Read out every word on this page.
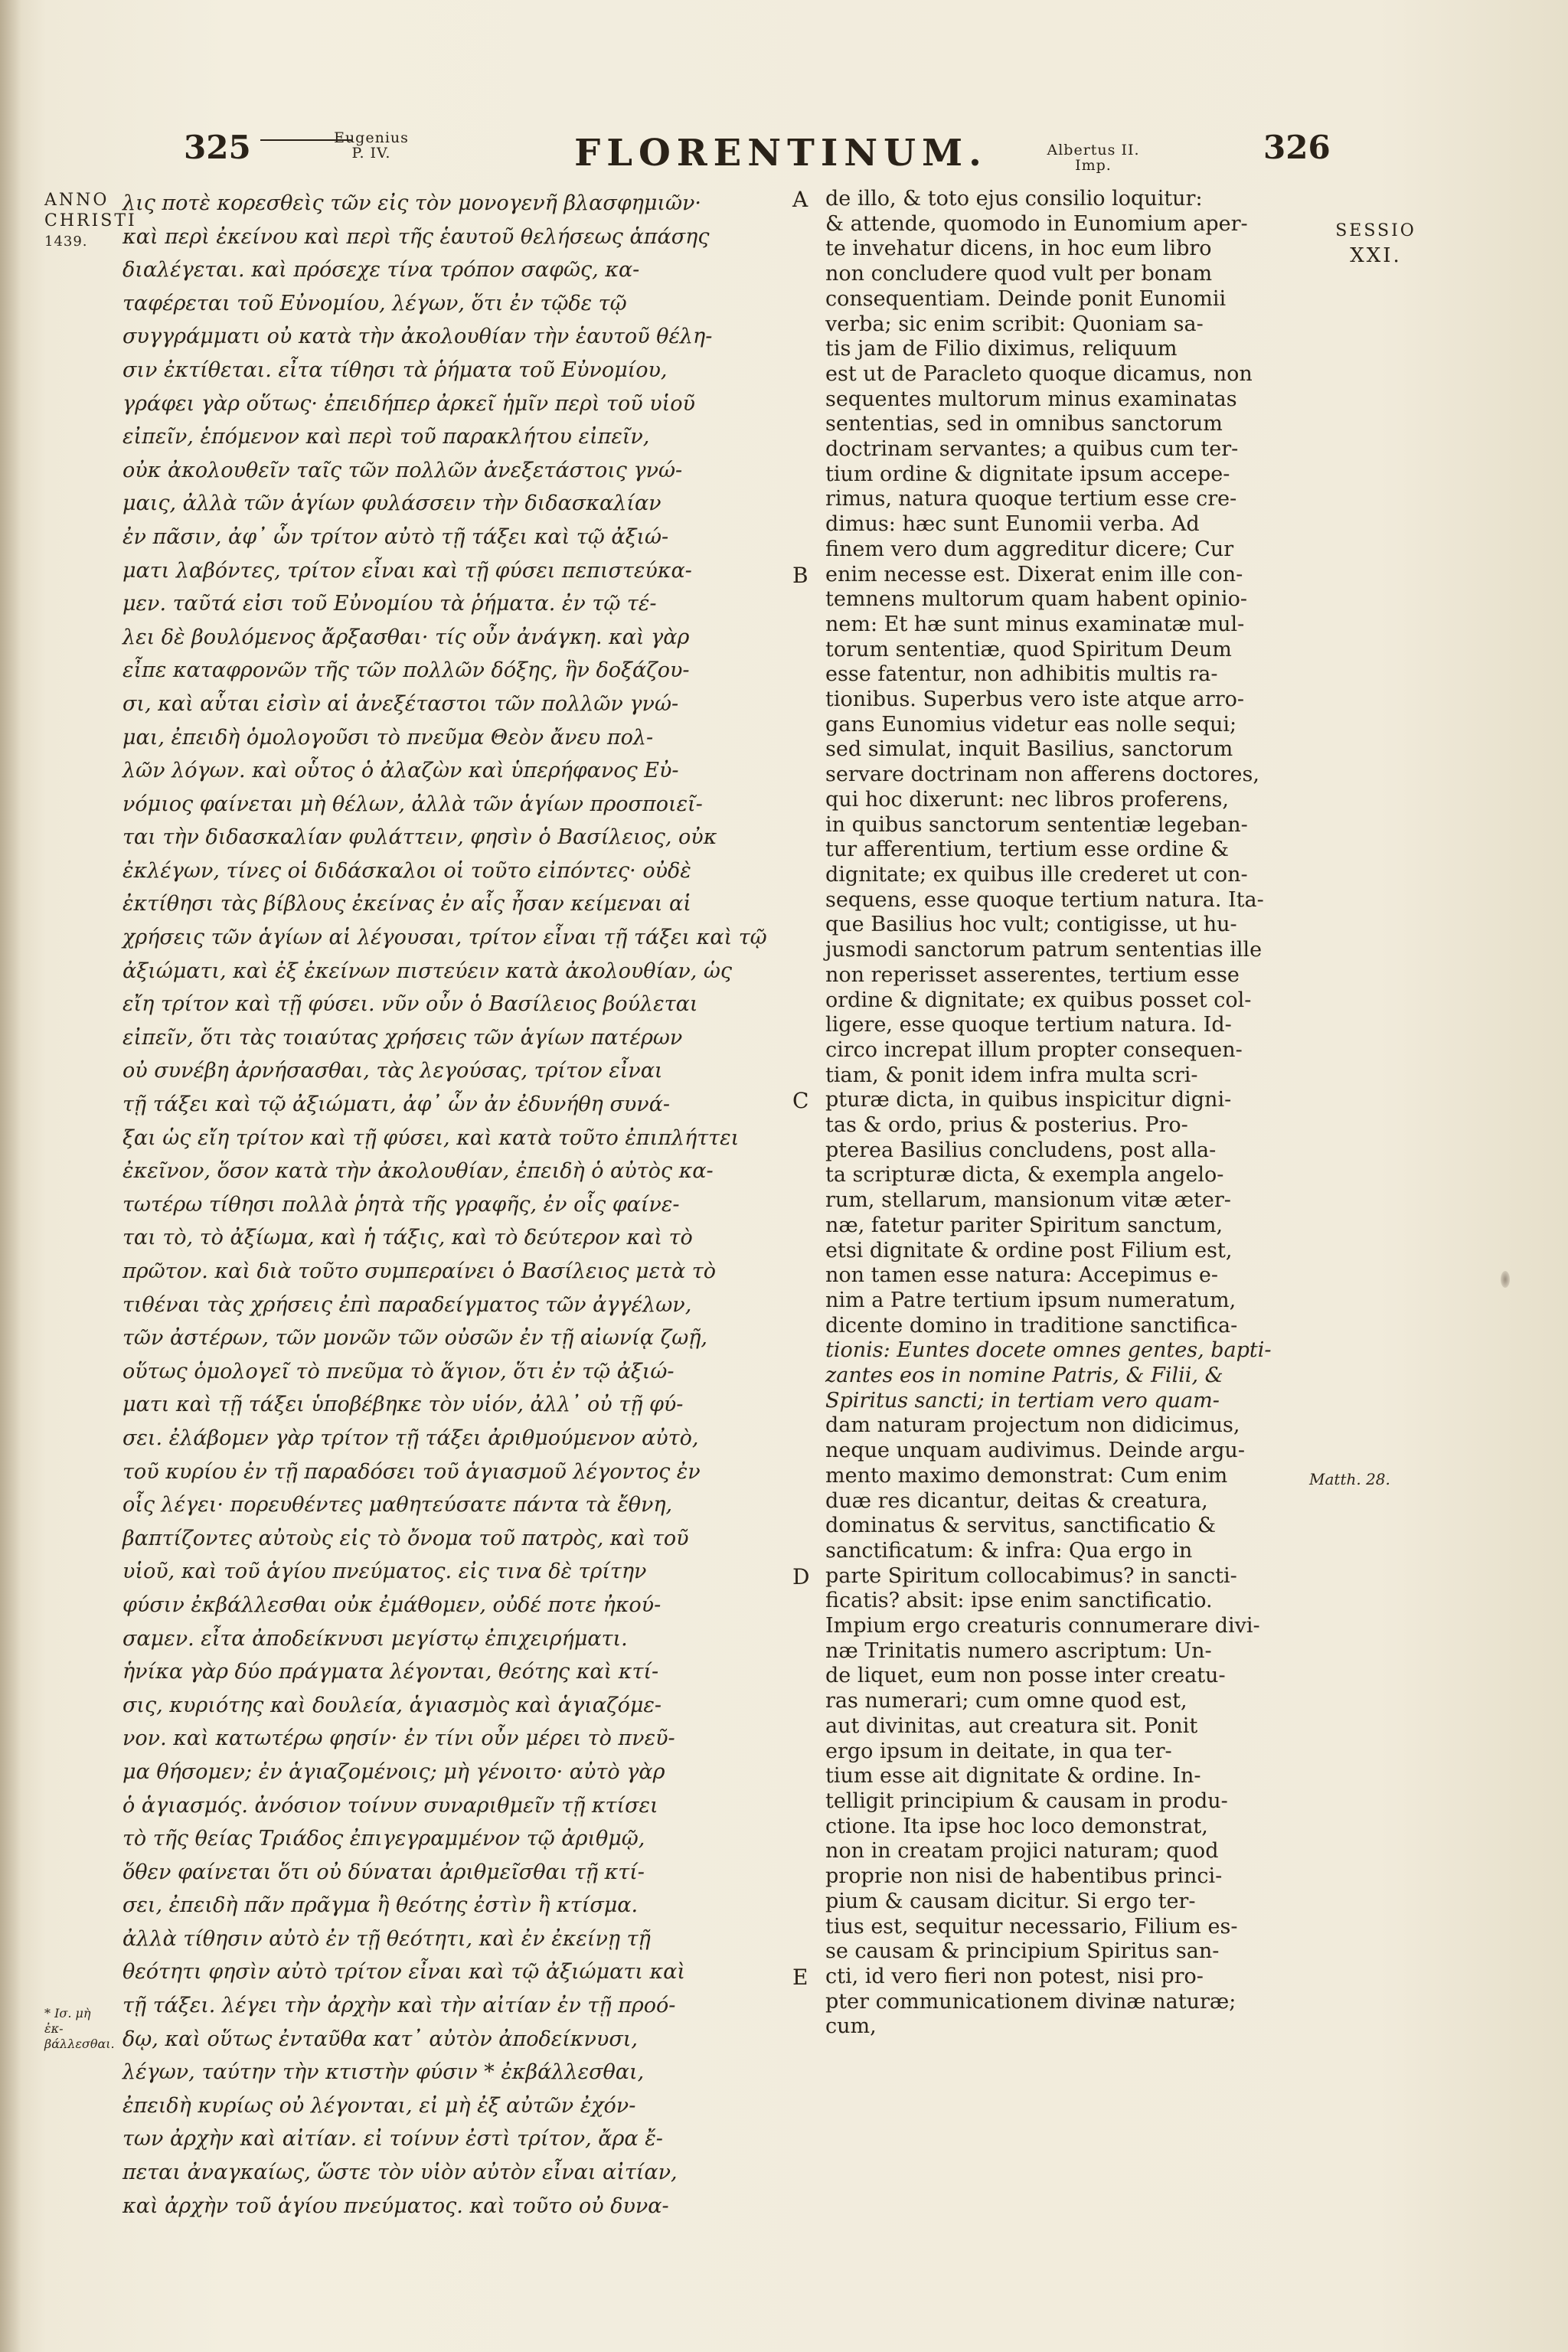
325	Eugenius
P. IV.	FLORENTINUM.	Albertus II.
Imp.	326
ANNO
CHRISTI
1439.
* Ισ. μὴ ἐκ-
βάλλεσθαι.

λις ποτὲ κορεσθεὶς τῶν εἰς τὸν μονογενῆ βλασφημιῶν·

καὶ περὶ ἐκείνου καὶ περὶ τῆς ἑαυτοῦ θελήσεως ἁπάσης

διαλέγεται. καὶ πρόσεχε τίνα τρόπον σαφῶς, κα-

ταφέρεται τοῦ Εὐνομίου, λέγων, ὅτι ἐν τῷδε τῷ

συγγράμματι οὐ κατὰ τὴν ἀκολουθίαν τὴν ἑαυτοῦ θέλη-

σιν ἐκτίθεται. εἶτα τίθησι τὰ ῥήματα τοῦ Εὐνομίου,

γράφει γὰρ οὕτως· ἐπειδήπερ ἀρκεῖ ἡμῖν περὶ τοῦ υἱοῦ

εἰπεῖν, ἑπόμενον καὶ περὶ τοῦ παρακλήτου εἰπεῖν,

οὐκ ἀκολουθεῖν ταῖς τῶν πολλῶν ἀνεξετάστοις γνώ-

μαις, ἀλλὰ τῶν ἁγίων φυλάσσειν τὴν διδασκαλίαν

ἐν πᾶσιν, ἀφ᾽ ὧν τρίτον αὐτὸ τῇ τάξει καὶ τῷ ἀξιώ-

ματι λαβόντες, τρίτον εἶναι καὶ τῇ φύσει πεπιστεύκα-

μεν. ταῦτά εἰσι τοῦ Εὐνομίου τὰ ῥήματα. ἐν τῷ τέ-

λει δὲ βουλόμενος ἄρξασθαι· τίς οὖν ἀνάγκη. καὶ γὰρ

εἶπε καταφρονῶν τῆς τῶν πολλῶν δόξης, ἣν δοξάζου-

σι, καὶ αὗται εἰσὶν αἱ ἀνεξέταστοι τῶν πολλῶν γνώ-

μαι, ἐπειδὴ ὁμολογοῦσι τὸ πνεῦμα Θεὸν ἄνευ πολ-

λῶν λόγων. καὶ οὗτος ὁ ἀλαζὼν καὶ ὑπερήφανος Εὐ-

νόμιος φαίνεται μὴ θέλων, ἀλλὰ τῶν ἁγίων προσποιεῖ-

ται τὴν διδασκαλίαν φυλάττειν, φησὶν ὁ Βασίλειος, οὐκ

ἐκλέγων, τίνες οἱ διδάσκαλοι οἱ τοῦτο εἰπόντες· οὐδὲ

ἐκτίθησι τὰς βίβλους ἐκείνας ἐν αἷς ἦσαν κείμεναι αἱ

χρήσεις τῶν ἁγίων αἱ λέγουσαι, τρίτον εἶναι τῇ τάξει καὶ τῷ

ἀξιώματι, καὶ ἐξ ἐκείνων πιστεύειν κατὰ ἀκολουθίαν, ὡς

εἴη τρίτον καὶ τῇ φύσει. νῦν οὖν ὁ Βασίλειος βούλεται

εἰπεῖν, ὅτι τὰς τοιαύτας χρήσεις τῶν ἁγίων πατέρων

οὐ συνέβη ἀρνήσασθαι, τὰς λεγούσας, τρίτον εἶναι

τῇ τάξει καὶ τῷ ἀξιώματι, ἀφ᾽ ὧν ἀν ἐδυνήθη συνά-

ξαι ὡς εἴη τρίτον καὶ τῇ φύσει, καὶ κατὰ τοῦτο ἐπιπλήττει

ἐκεῖνον, ὅσον κατὰ τὴν ἀκολουθίαν, ἐπειδὴ ὁ αὐτὸς κα-

τωτέρω τίθησι πολλὰ ῥητὰ τῆς γραφῆς, ἐν οἷς φαίνε-

ται τὸ, τὸ ἀξίωμα, καὶ ἡ τάξις, καὶ τὸ δεύτερον καὶ τὸ

πρῶτον. καὶ διὰ τοῦτο συμπεραίνει ὁ Βασίλειος μετὰ τὸ

τιθέναι τὰς χρήσεις ἐπὶ παραδείγματος τῶν ἀγγέλων,

τῶν ἀστέρων, τῶν μονῶν τῶν οὐσῶν ἐν τῇ αἰωνίᾳ ζωῇ,

οὕτως ὁμολογεῖ τὸ πνεῦμα τὸ ἅγιον, ὅτι ἐν τῷ ἀξιώ-

ματι καὶ τῇ τάξει ὑποβέβηκε τὸν υἱόν, ἀλλ᾽ οὐ τῇ φύ-

σει. ἐλάβομεν γὰρ τρίτον τῇ τάξει ἀριθμούμενον αὐτὸ,

τοῦ κυρίου ἐν τῇ παραδόσει τοῦ ἁγιασμοῦ λέγοντος ἐν

οἷς λέγει· πορευθέντες μαθητεύσατε πάντα τὰ ἔθνη,

βαπτίζοντες αὐτοὺς εἰς τὸ ὄνομα τοῦ πατρὸς, καὶ τοῦ

υἱοῦ, καὶ τοῦ ἁγίου πνεύματος. εἰς τινα δὲ τρίτην

φύσιν ἐκβάλλεσθαι οὐκ ἐμάθομεν, οὐδέ ποτε ἠκού-

σαμεν. εἶτα ἀποδείκνυσι μεγίστῳ ἐπιχειρήματι.

ἡνίκα γὰρ δύο πράγματα λέγονται, θεότης καὶ κτί-

σις, κυριότης καὶ δουλεία, ἁγιασμὸς καὶ ἁγιαζόμε-

νον. καὶ κατωτέρω φησίν· ἐν τίνι οὖν μέρει τὸ πνεῦ-

μα θήσομεν; ἐν ἁγιαζομένοις; μὴ γένοιτο· αὐτὸ γὰρ

ὁ ἁγιασμός. ἀνόσιον τοίνυν συναριθμεῖν τῇ κτίσει

τὸ τῆς θείας Τριάδος ἐπιγεγραμμένον τῷ ἀριθμῷ,

ὅθεν φαίνεται ὅτι οὐ δύναται ἀριθμεῖσθαι τῇ κτί-

σει, ἐπειδὴ πᾶν πρᾶγμα ἢ θεότης ἐστὶν ἢ κτίσμα.

ἀλλὰ τίθησιν αὐτὸ ἐν τῇ θεότητι, καὶ ἐν ἐκείνῃ τῇ

θεότητι φησὶν αὐτὸ τρίτον εἶναι καὶ τῷ ἀξιώματι καὶ

τῇ τάξει. λέγει τὴν ἀρχὴν καὶ τὴν αἰτίαν ἐν τῇ προό-

δῳ, καὶ οὕτως ἐνταῦθα κατ᾽ αὐτὸν ἀποδείκνυσι,

λέγων, ταύτην τὴν κτιστὴν φύσιν * ἐκβάλλεσθαι,

ἐπειδὴ κυρίως οὐ λέγονται, εἰ μὴ ἐξ αὐτῶν ἐχόν-

των ἀρχὴν καὶ αἰτίαν. εἰ τοίνυν ἐστὶ τρίτον, ἄρα ἔ-

πεται ἀναγκαίως, ὥστε τὸν υἱὸν αὐτὸν εἶναι αἰτίαν,

καὶ ἀρχὴν τοῦ ἁγίου πνεύματος. καὶ τοῦτο οὐ δυνα-

A
B
C
D
E

de illo, & toto ejus consilio loquitur:

& attende, quomodo in Eunomium aper-

te invehatur dicens, in hoc eum libro

non concludere quod vult per bonam

consequentiam. Deinde ponit Eunomii

verba; sic enim scribit: Quoniam sa-

tis jam de Filio diximus, reliquum

est ut de Paracleto quoque dicamus, non

sequentes multorum minus examinatas

sententias, sed in omnibus sanctorum

doctrinam servantes; a quibus cum ter-

tium ordine & dignitate ipsum accepe-

rimus, natura quoque tertium esse cre-

dimus: hæc sunt Eunomii verba. Ad

finem vero dum aggreditur dicere; Cur

enim necesse est. Dixerat enim ille con-

temnens multorum quam habent opinio-

nem: Et hæ sunt minus examinatæ mul-

torum sententiæ, quod Spiritum Deum

esse fatentur, non adhibitis multis ra-

tionibus. Superbus vero iste atque arro-

gans Eunomius videtur eas nolle sequi;

sed simulat, inquit Basilius, sanctorum

servare doctrinam non afferens doctores,

qui hoc dixerunt: nec libros proferens,

in quibus sanctorum sententiæ legeban-

tur afferentium, tertium esse ordine &

dignitate; ex quibus ille crederet ut con-

sequens, esse quoque tertium natura. Ita-

que Basilius hoc vult; contigisse, ut hu-

jusmodi sanctorum patrum sententias ille

non reperisset asserentes, tertium esse

ordine & dignitate; ex quibus posset col-

ligere, esse quoque tertium natura. Id-

circo increpat illum propter consequen-

tiam, & ponit idem infra multa scri-

pturæ dicta, in quibus inspicitur digni-

tas & ordo, prius & posterius. Pro-

pterea Basilius concludens, post alla-

ta scripturæ dicta, & exempla angelo-

rum, stellarum, mansionum vitæ æter-

næ, fatetur pariter Spiritum sanctum,

etsi dignitate & ordine post Filium est,

non tamen esse natura: Accepimus e-

nim a Patre tertium ipsum numeratum,

dicente domino in traditione sanctifica-

tionis: Euntes docete omnes gentes, bapti-

zantes eos in nomine Patris, & Filii, &

Spiritus sancti; in tertiam vero quam-

dam naturam projectum non didicimus,

neque unquam audivimus. Deinde argu-

mento maximo demonstrat: Cum enim

duæ res dicantur, deitas & creatura,

dominatus & servitus, sanctificatio &

sanctificatum: & infra: Qua ergo in

parte Spiritum collocabimus? in sancti-

ficatis? absit: ipse enim sanctificatio.

Impium ergo creaturis connumerare divi-

næ Trinitatis numero ascriptum: Un-

de liquet, eum non posse inter creatu-

ras numerari; cum omne quod est,

aut divinitas, aut creatura sit. Ponit

ergo ipsum in deitate, in qua ter-

tium esse ait dignitate & ordine. In-

telligit principium & causam in produ-

ctione. Ita ipse hoc loco demonstrat,

non in creatam projici naturam; quod

proprie non nisi de habentibus princi-

pium & causam dicitur. Si ergo ter-

tius est, sequitur necessario, Filium es-

se causam & principium Spiritus san-

cti, id vero fieri non potest, nisi pro-

pter communicationem divinæ naturæ;

cum,

SESSIO
XXI.
Matth. 28.
